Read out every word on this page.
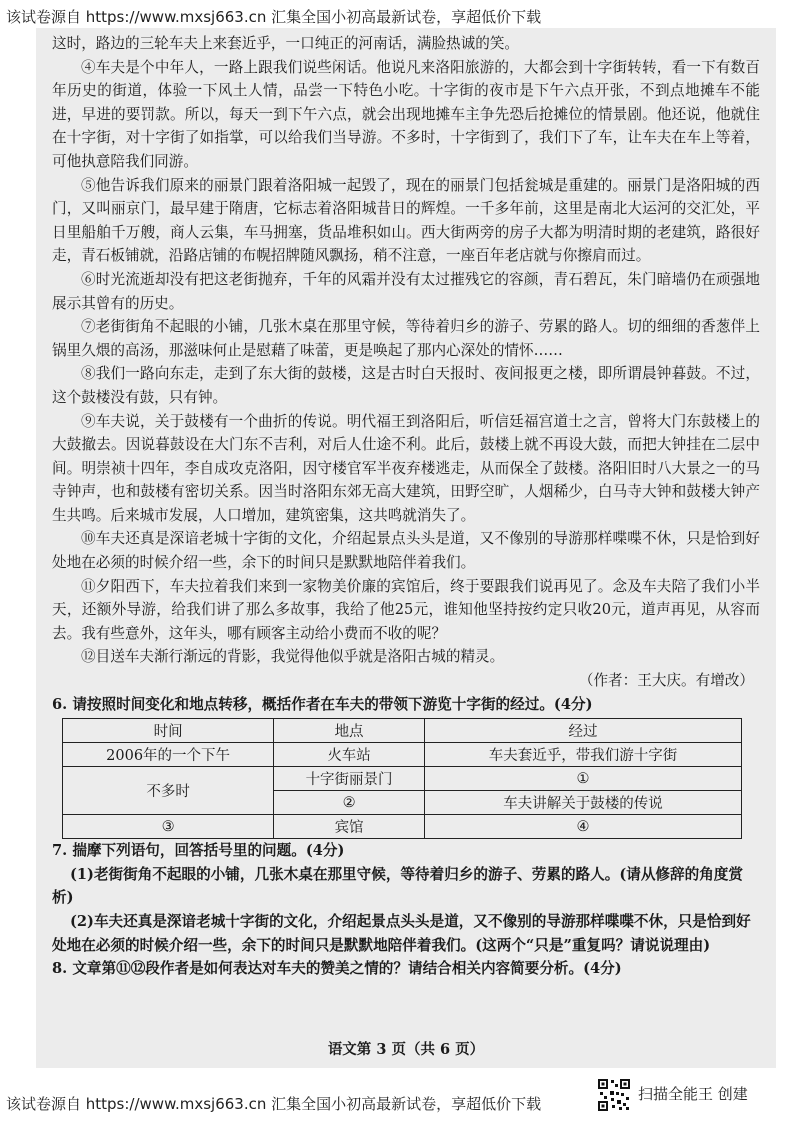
该试卷源自 https://www.mxsj663.cn 汇集全国小初高最新试卷，享超低价下载

这时，路边的三轮车夫上来套近乎，一口纯正的河南话，满脸热诚的笑。

④车夫是个中年人，一路上跟我们说些闲话。他说凡来洛阳旅游的，大都会到十字街转转，看一下有数百年历史的街道，体验一下风土人情，品尝一下特色小吃。十字街的夜市是下午六点开张，不到点地摊车不能进，早进的要罚款。所以，每天一到下午六点，就会出现地摊车主争先恐后抢摊位的情景剧。他还说，他就住在十字街，对十字街了如指掌，可以给我们当导游。不多时，十字街到了，我们下了车，让车夫在车上等着，可他执意陪我们同游。

⑤他告诉我们原来的丽景门跟着洛阳城一起毁了，现在的丽景门包括瓮城是重建的。丽景门是洛阳城的西门，又叫丽京门，最早建于隋唐，它标志着洛阳城昔日的辉煌。一千多年前，这里是南北大运河的交汇处，平日里船舶千万艘，商人云集，车马拥塞，货品堆积如山。西大街两旁的房子大都为明清时期的老建筑，路很好走，青石板铺就，沿路店铺的布幌招牌随风飘扬，稍不注意，一座百年老店就与你擦肩而过。

⑥时光流逝却没有把这老街抛弃，千年的风霜并没有太过摧残它的容颜，青石碧瓦，朱门暗墙仍在顽强地展示其曾有的历史。

⑦老街街角不起眼的小铺，几张木桌在那里守候，等待着归乡的游子、劳累的路人。切的细细的香葱伴上锅里久煨的高汤，那滋味何止是慰藉了味蕾，更是唤起了那内心深处的情怀……

⑧我们一路向东走，走到了东大街的鼓楼，这是古时白天报时、夜间报更之楼，即所谓晨钟暮鼓。不过，这个鼓楼没有鼓，只有钟。

⑨车夫说，关于鼓楼有一个曲折的传说。明代福王到洛阳后，听信廷福宫道士之言，曾将大门东鼓楼上的大鼓撤去。因说暮鼓设在大门东不吉利，对后人仕途不利。此后，鼓楼上就不再设大鼓，而把大钟挂在二层中间。明崇祯十四年，李自成攻克洛阳，因守楼官军半夜弃楼逃走，从而保全了鼓楼。洛阳旧时八大景之一的马寺钟声，也和鼓楼有密切关系。因当时洛阳东郊无高大建筑，田野空旷，人烟稀少，白马寺大钟和鼓楼大钟产生共鸣。后来城市发展，人口增加，建筑密集，这共鸣就消失了。

⑩车夫还真是深谙老城十字街的文化，介绍起景点头头是道，又不像别的导游那样喋喋不休，只是恰到好处地在必须的时候介绍一些，余下的时间只是默默地陪伴着我们。

⑪夕阳西下，车夫拉着我们来到一家物美价廉的宾馆后，终于要跟我们说再见了。念及车夫陪了我们小半天，还额外导游，给我们讲了那么多故事，我给了他25元，谁知他坚持按约定只收20元，道声再见，从容而去。我有些意外，这年头，哪有顾客主动给小费而不收的呢？

⑫目送车夫渐行渐远的背影，我觉得他似乎就是洛阳古城的精灵。

（作者：王大庆。有增改）

6. 请按照时间变化和地点转移，概括作者在车夫的带领下游览十字街的经过。(4分)

时间	地点	经过
2006年的一个下午	火车站	车夫套近乎，带我们游十字街
不多时	十字街丽景门	①
	②	车夫讲解关于鼓楼的传说
③	宾馆	④

7. 揣摩下列语句，回答括号里的问题。(4分)

(1)老街街角不起眼的小铺，几张木桌在那里守候，等待着归乡的游子、劳累的路人。(请从修辞的角度赏析)

(2)车夫还真是深谙老城十字街的文化，介绍起景点头头是道，又不像别的导游那样喋喋不休，只是恰到好处地在必须的时候介绍一些，余下的时间只是默默地陪伴着我们。(这两个“只是”重复吗？请说说理由)

8. 文章第⑪⑫段作者是如何表达对车夫的赞美之情的？请结合相关内容简要分析。(4分)

语文第 3 页（共 6 页）
该试卷源自 https://www.mxsj663.cn 汇集全国小初高最新试卷，享超低价下载
扫描全能王 创建
